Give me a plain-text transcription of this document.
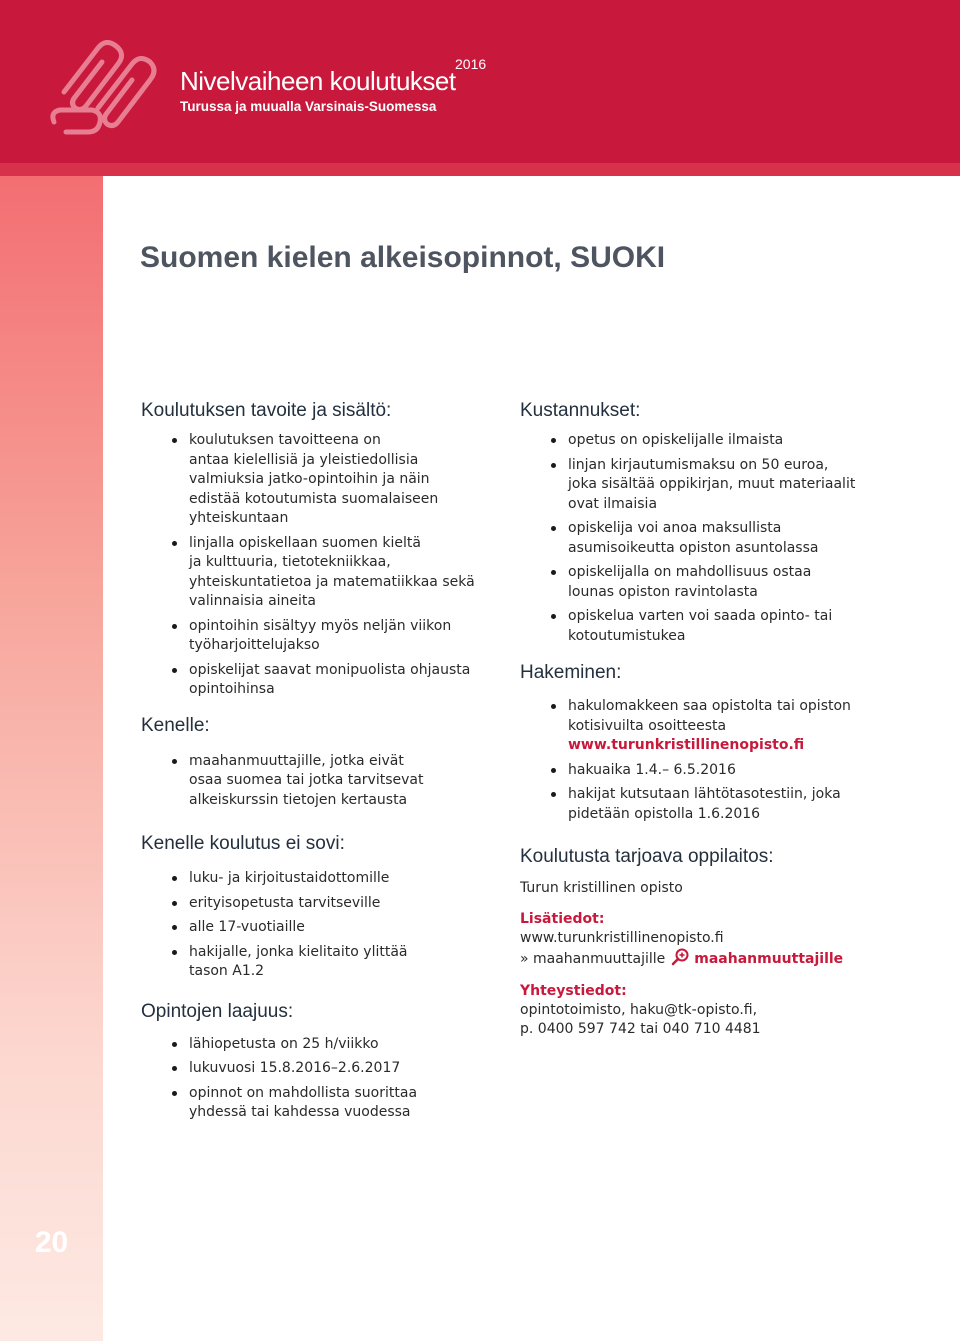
2016
Nivelvaiheen koulutukset
Turussa ja muualla Varsinais-Suomessa
20
Suomen kielen alkeisopinnot, SUOKI
Koulutuksen tavoite ja sisältö:
koulutuksen tavoitteena on
antaa kielellisiä ja yleistiedollisia
valmiuksia jatko-opintoihin ja näin
edistää kotoutumista suomalaiseen
yhteiskuntaan
linjalla opiskellaan suomen kieltä
ja kulttuuria, tietotekniikkaa,
yhteiskuntatietoa ja matematiikkaa sekä
valinnaisia aineita
opintoihin sisältyy myös neljän viikon
työharjoittelujakso
opiskelijat saavat monipuolista ohjausta
opintoihinsa
Kenelle:
maahanmuuttajille, jotka eivät
osaa suomea tai jotka tarvitsevat
alkeiskurssin tietojen kertausta
Kenelle koulutus ei sovi:
luku- ja kirjoitustaidottomille
erityisopetusta tarvitseville
alle 17-vuotiaille
hakijalle, jonka kielitaito ylittää
tason A1.2
Opintojen laajuus:
lähiopetusta on 25 h/viikko
lukuvuosi 15.8.2016–2.6.2017
opinnot on mahdollista suorittaa
yhdessä tai kahdessa vuodessa
Kustannukset:
opetus on opiskelijalle ilmaista
linjan kirjautumismaksu on 50 euroa,
joka sisältää oppikirjan, muut materiaalit
ovat ilmaisia
opiskelija voi anoa maksullista
asumisoikeutta opiston asuntolassa
opiskelijalla on mahdollisuus ostaa
lounas opiston ravintolasta
opiskelua varten voi saada opinto- tai
kotoutumistukea
Hakeminen:
hakulomakkeen saa opistolta tai opiston
kotisivuilta osoitteesta
www.turunkristillinenopisto.fi
hakuaika 1.4.– 6.5.2016
hakijat kutsutaan lähtötasotestiin, joka
pidetään opistolla 1.6.2016
Koulutusta tarjoava oppilaitos:
Turun kristillinen opisto
Lisätiedot:
www.turunkristillinenopisto.fi
» maahanmuuttajille maahanmuuttajille
Yhteystiedot:
opintotoimisto, haku@tk-opisto.fi,
p. 0400 597 742 tai 040 710 4481
